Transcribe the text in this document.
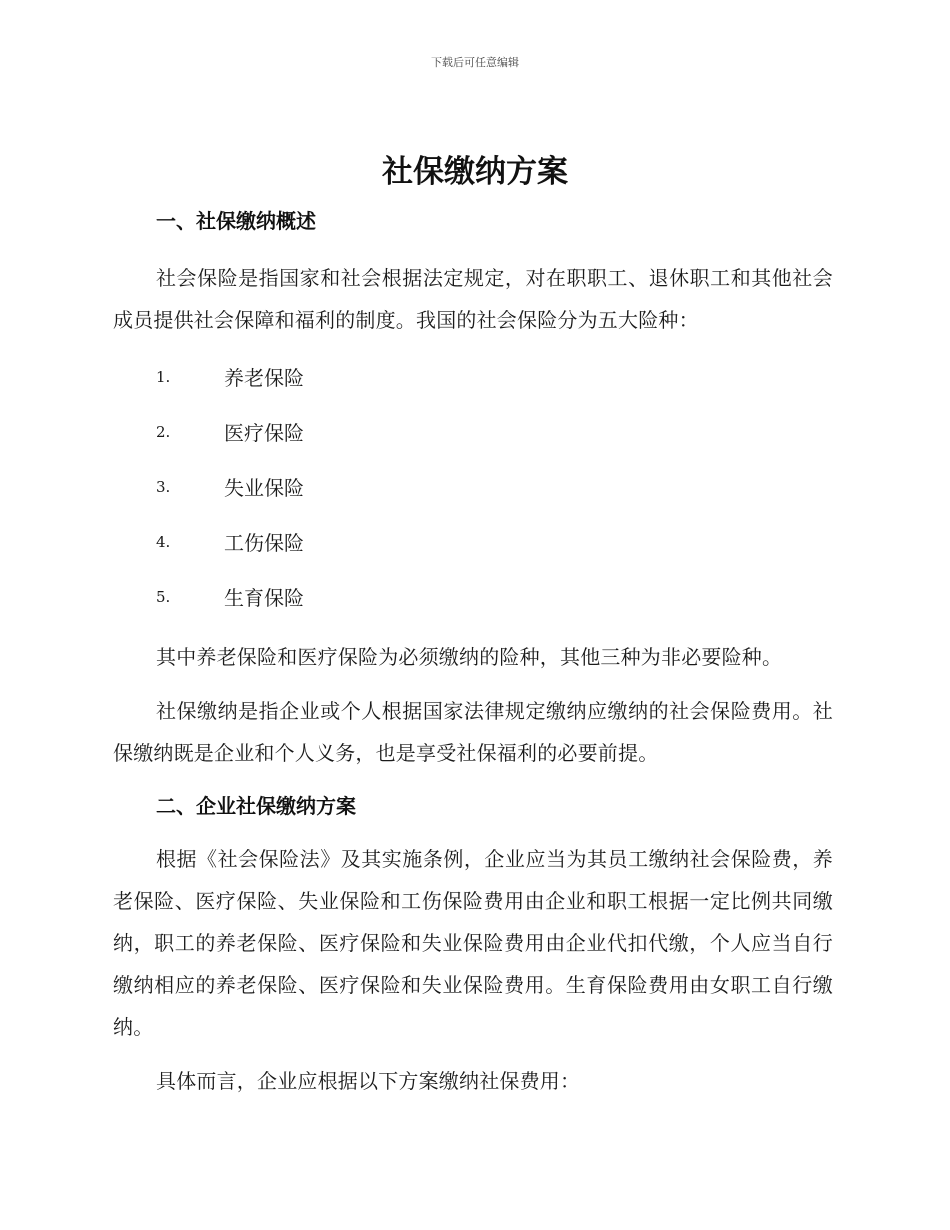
下载后可任意编辑
社保缴纳方案
一、社保缴纳概述

社会保险是指国家和社会根据法定规定，对在职职工、退休职工和其他社会成员提供社会保障和福利的制度。我国的社会保险分为五大险种：

1.	养老保险
2.	医疗保险
3.	失业保险
4.	工伤保险
5.	生育保险

其中养老保险和医疗保险为必须缴纳的险种，其他三种为非必要险种。

社保缴纳是指企业或个人根据国家法律规定缴纳应缴纳的社会保险费用。社保缴纳既是企业和个人义务，也是享受社保福利的必要前提。

二、企业社保缴纳方案

根据《社会保险法》及其实施条例，企业应当为其员工缴纳社会保险费，养老保险、医疗保险、失业保险和工伤保险费用由企业和职工根据一定比例共同缴纳，职工的养老保险、医疗保险和失业保险费用由企业代扣代缴，个人应当自行缴纳相应的养老保险、医疗保险和失业保险费用。生育保险费用由女职工自行缴纳。

具体而言，企业应根据以下方案缴纳社保费用：
